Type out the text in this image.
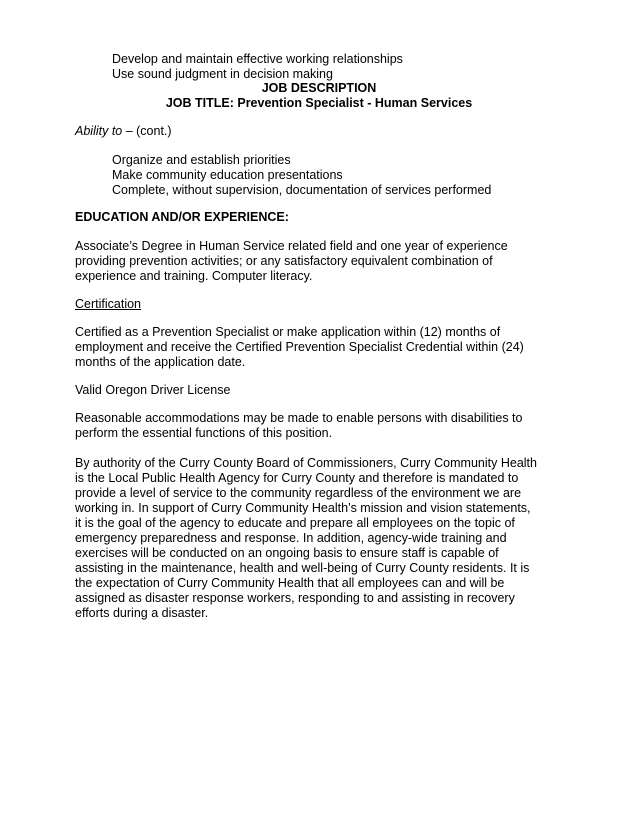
Develop and maintain effective working relationships
Use sound judgment in decision making
JOB DESCRIPTION
JOB TITLE: Prevention Specialist - Human Services
Ability to – (cont.)
Organize and establish priorities
Make community education presentations
Complete, without supervision, documentation of services performed
EDUCATION AND/OR EXPERIENCE:
Associate’s Degree in Human Service related field and one year of experience
providing prevention activities; or any satisfactory equivalent combination of
experience and training. Computer literacy.
Certification
Certified as a Prevention Specialist or make application within (12) months of
employment and receive the Certified Prevention Specialist Credential within (24)
months of the application date.
Valid Oregon Driver License
Reasonable accommodations may be made to enable persons with disabilities to
perform the essential functions of this position.
By authority of the Curry County Board of Commissioners, Curry Community Health
is the Local Public Health Agency for Curry County and therefore is mandated to
provide a level of service to the community regardless of the environment we are
working in. In support of Curry Community Health’s mission and vision statements,
it is the goal of the agency to educate and prepare all employees on the topic of
emergency preparedness and response. In addition, agency-wide training and
exercises will be conducted on an ongoing basis to ensure staff is capable of
assisting in the maintenance, health and well-being of Curry County residents. It is
the expectation of Curry Community Health that all employees can and will be
assigned as disaster response workers, responding to and assisting in recovery
efforts during a disaster.
